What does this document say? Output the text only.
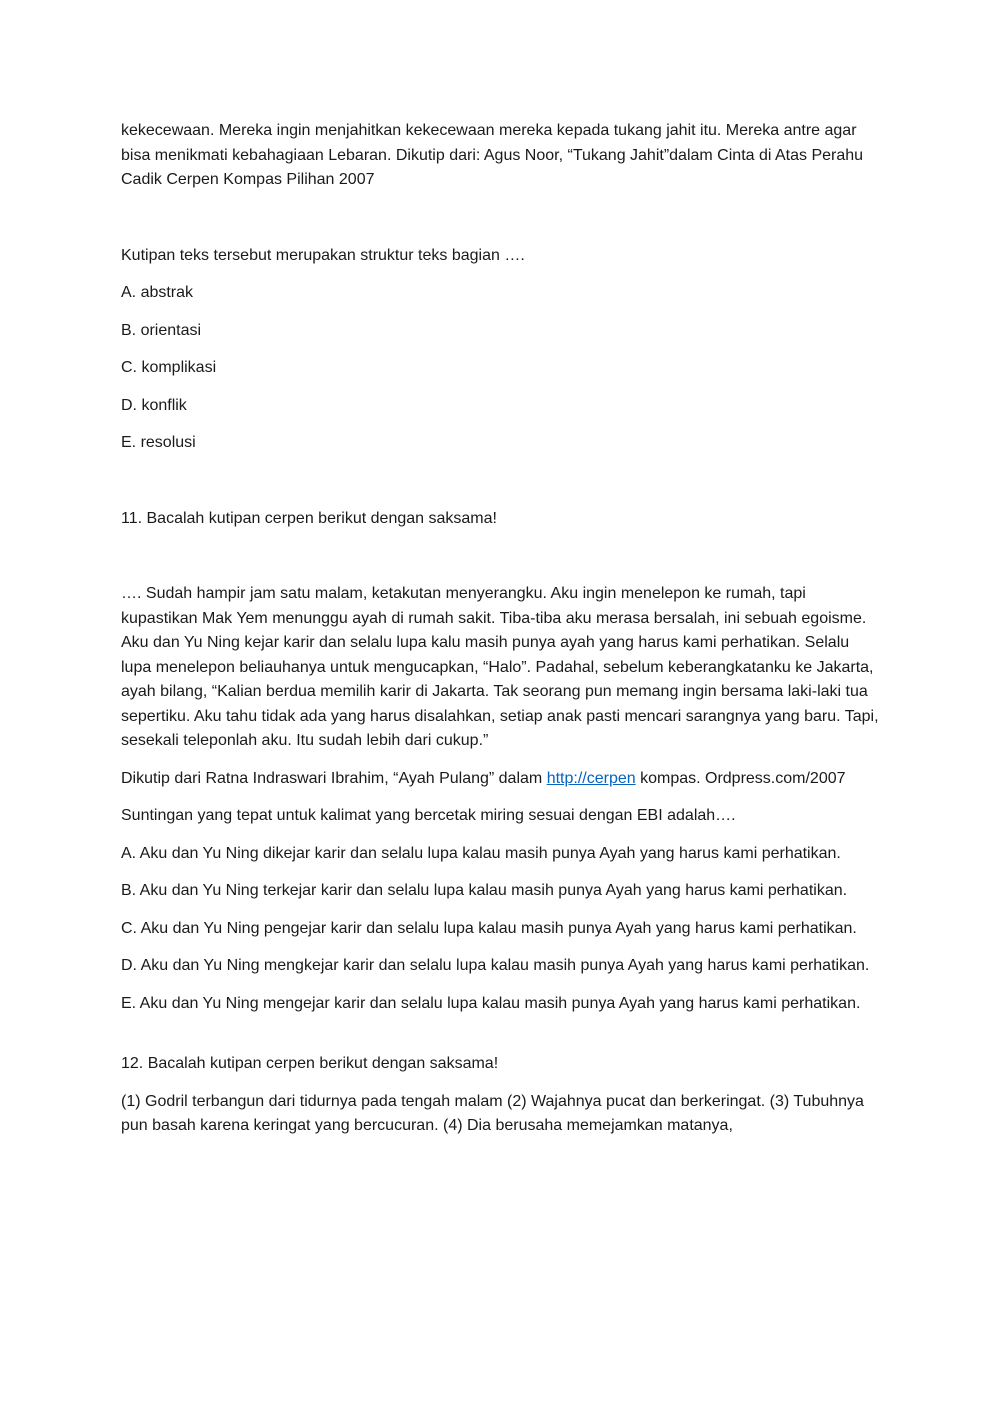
kekecewaan. Mereka ingin menjahitkan kekecewaan mereka kepada tukang jahit itu. Mereka antre agar bisa menikmati kebahagiaan Lebaran. Dikutip dari: Agus Noor, “Tukang Jahit”dalam Cinta di Atas Perahu Cadik Cerpen Kompas Pilihan 2007

Kutipan teks tersebut merupakan struktur teks bagian ….

A. abstrak

B. orientasi

C. komplikasi

D. konflik

E. resolusi

11. Bacalah kutipan cerpen berikut dengan saksama!

…. Sudah hampir jam satu malam, ketakutan menyerangku. Aku ingin menelepon ke rumah, tapi kupastikan Mak Yem menunggu ayah di rumah sakit. Tiba-tiba aku merasa bersalah, ini sebuah egoisme. Aku dan Yu Ning kejar karir dan selalu lupa kalu masih punya ayah yang harus kami perhatikan. Selalu lupa menelepon beliauhanya untuk mengucapkan, “Halo”. Padahal, sebelum keberangkatanku ke Jakarta, ayah bilang, “Kalian berdua memilih karir di Jakarta. Tak seorang pun memang ingin bersama laki-laki tua sepertiku. Aku tahu tidak ada yang harus disalahkan, setiap anak pasti mencari sarangnya yang baru. Tapi, sesekali teleponlah aku. Itu sudah lebih dari cukup.”

Dikutip dari Ratna Indraswari Ibrahim, “Ayah Pulang” dalam http://cerpen kompas. Ordpress.com/2007

Suntingan yang tepat untuk kalimat yang bercetak miring sesuai dengan EBI adalah….

A. Aku dan Yu Ning dikejar karir dan selalu lupa kalau masih punya Ayah yang harus kami perhatikan.

B. Aku dan Yu Ning terkejar karir dan selalu lupa kalau masih punya Ayah yang harus kami perhatikan.

C. Aku dan Yu Ning pengejar karir dan selalu lupa kalau masih punya Ayah yang harus kami perhatikan.

D. Aku dan Yu Ning mengkejar karir dan selalu lupa kalau masih punya Ayah yang harus kami perhatikan.

E. Aku dan Yu Ning mengejar karir dan selalu lupa kalau masih punya Ayah yang harus kami perhatikan.

12. Bacalah kutipan cerpen berikut dengan saksama!

(1) Godril terbangun dari tidurnya pada tengah malam (2) Wajahnya pucat dan berkeringat. (3) Tubuhnya pun basah karena keringat yang bercucuran. (4) Dia berusaha memejamkan matanya,
